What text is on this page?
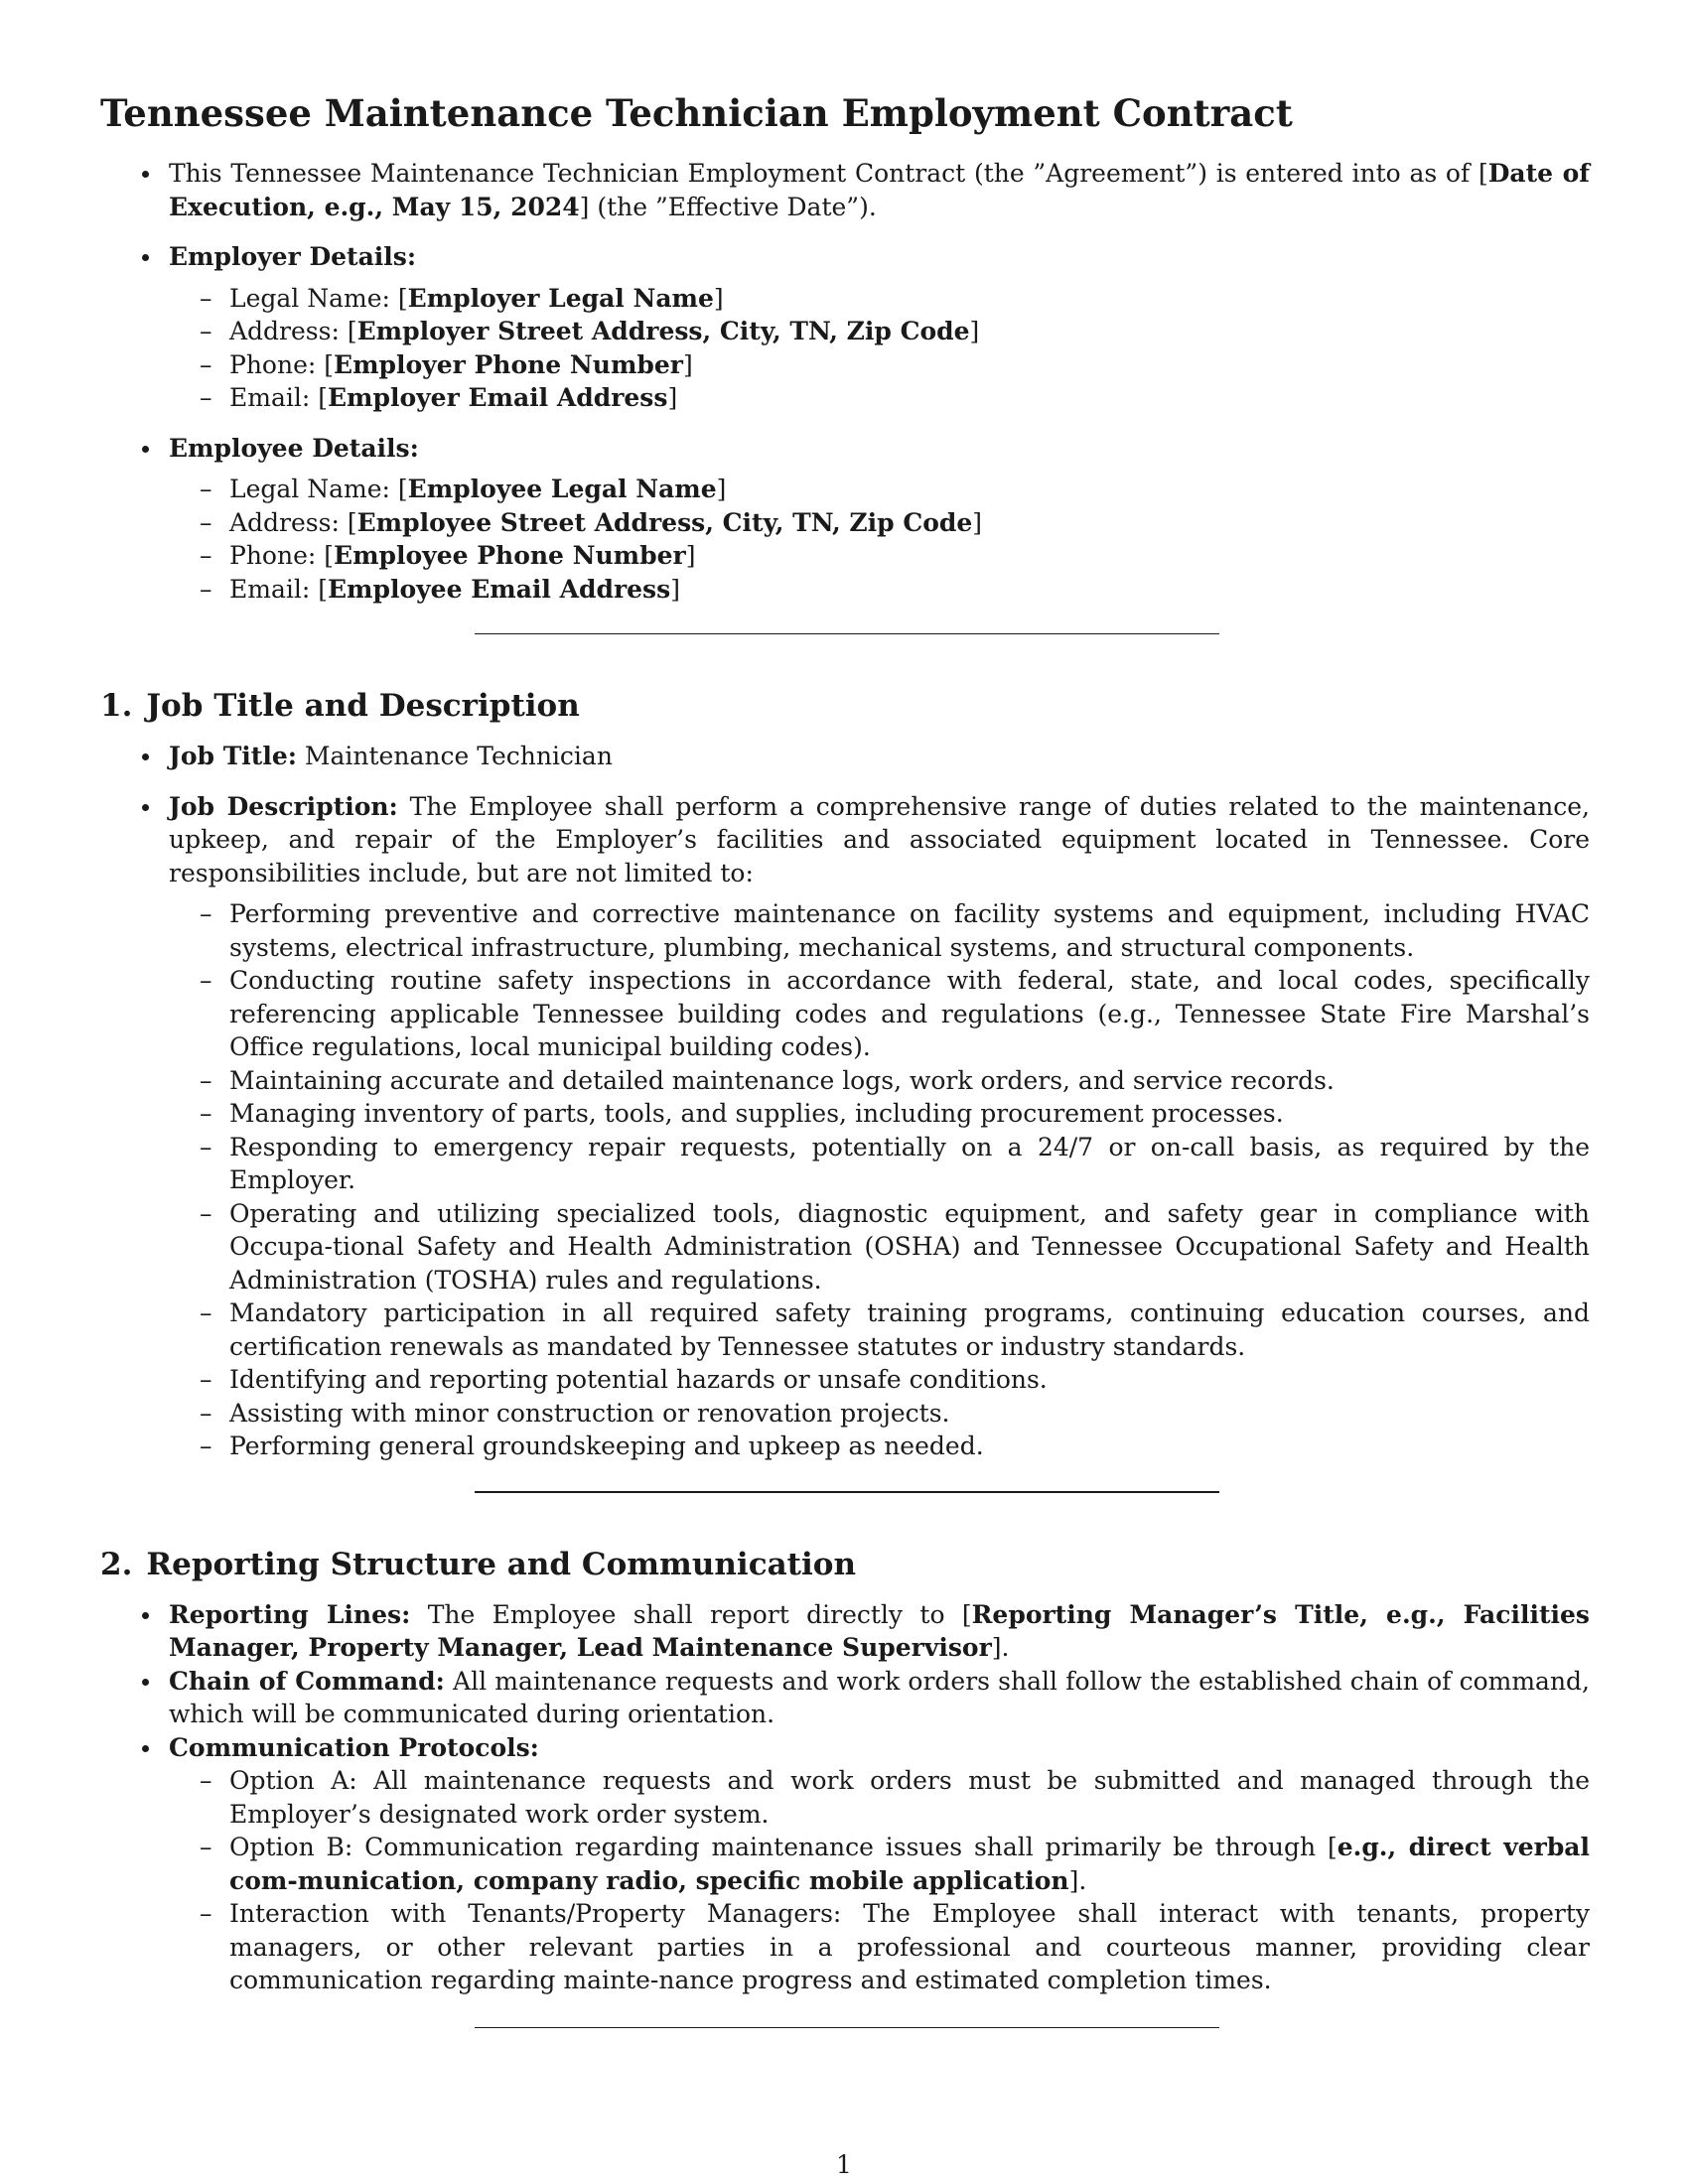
Tennessee Maintenance Technician Employment Contract
This Tennessee Maintenance Technician Employment Contract (the ”Agreement”) is entered into as of [Date of Execution, e.g., May 15, 2024] (the ”Effective Date”).
Employer Details:
– Legal Name: [Employer Legal Name]
– Address: [Employer Street Address, City, TN, Zip Code]
– Phone: [Employer Phone Number]
– Email: [Employer Email Address]
Employee Details:
– Legal Name: [Employee Legal Name]
– Address: [Employee Street Address, City, TN, Zip Code]
– Phone: [Employee Phone Number]
– Email: [Employee Email Address]
1. Job Title and Description
Job Title: Maintenance Technician
Job Description: The Employee shall perform a comprehensive range of duties related to the maintenance, upkeep, and repair of the Employer’s facilities and associated equipment located in Tennessee. Core responsibilities include, but are not limited to:
– Performing preventive and corrective maintenance on facility systems and equipment, including HVAC systems, electrical infrastructure, plumbing, mechanical systems, and structural components.
– Conducting routine safety inspections in accordance with federal, state, and local codes, specifically referencing applicable Tennessee building codes and regulations (e.g., Tennessee State Fire Marshal’s Office regulations, local municipal building codes).
– Maintaining accurate and detailed maintenance logs, work orders, and service records.
– Managing inventory of parts, tools, and supplies, including procurement processes.
– Responding to emergency repair requests, potentially on a 24/7 or on-call basis, as required by the Employer.
– Operating and utilizing specialized tools, diagnostic equipment, and safety gear in compliance with Occupa-tional Safety and Health Administration (OSHA) and Tennessee Occupational Safety and Health Administration (TOSHA) rules and regulations.
– Mandatory participation in all required safety training programs, continuing education courses, and certification renewals as mandated by Tennessee statutes or industry standards.
– Identifying and reporting potential hazards or unsafe conditions.
– Assisting with minor construction or renovation projects.
– Performing general groundskeeping and upkeep as needed.
2. Reporting Structure and Communication
Reporting Lines: The Employee shall report directly to [Reporting Manager’s Title, e.g., Facilities Manager, Property Manager, Lead Maintenance Supervisor].
Chain of Command: All maintenance requests and work orders shall follow the established chain of command, which will be communicated during orientation.
Communication Protocols:
– Option A: All maintenance requests and work orders must be submitted and managed through the Employer’s designated work order system.
– Option B: Communication regarding maintenance issues shall primarily be through [e.g., direct verbal com-munication, company radio, specific mobile application].
– Interaction with Tenants/Property Managers: The Employee shall interact with tenants, property managers, or other relevant parties in a professional and courteous manner, providing clear communication regarding mainte-nance progress and estimated completion times.
1
